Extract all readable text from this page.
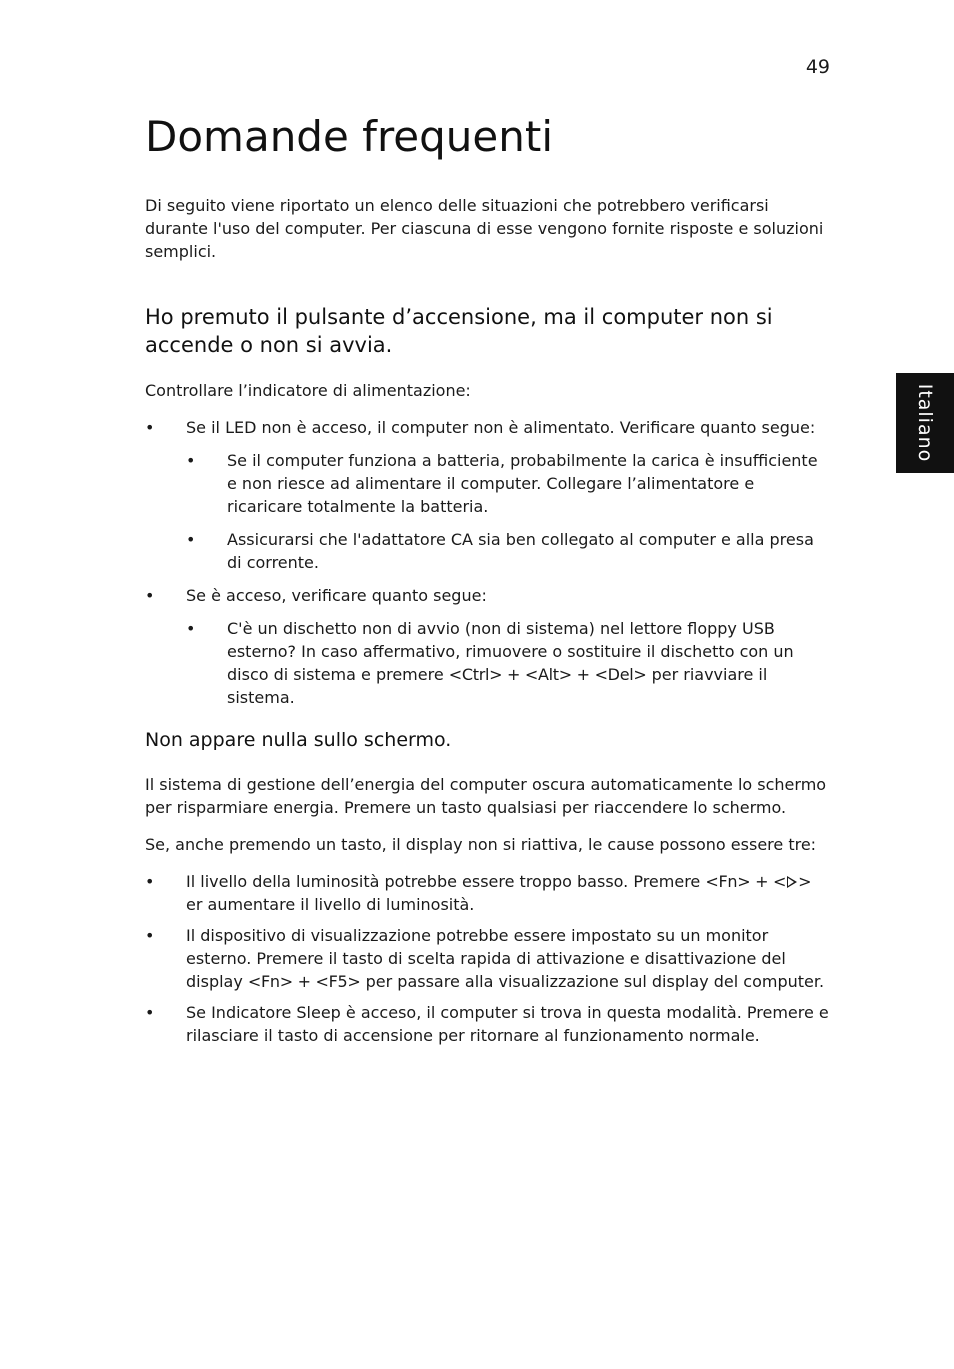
49
Italiano
Domande frequenti

Di seguito viene riportato un elenco delle situazioni che potrebbero verificarsi durante l'uso del computer. Per ciascuna di esse vengono fornite risposte e soluzioni semplici.

Ho premuto il pulsante d’accensione, ma il computer non si accende o non si avvia.

Controllare l’indicatore di alimentazione:

• Se il LED non è acceso, il computer non è alimentato. Verificare quanto segue:
• Se il computer funziona a batteria, probabilmente la carica è insufficiente e non riesce ad alimentare il computer. Collegare l’alimentatore e ricaricare totalmente la batteria.
• Assicurarsi che l'adattatore CA sia ben collegato al computer e alla presa di corrente.
• Se è acceso, verificare quanto segue:
• C'è un dischetto non di avvio (non di sistema) nel lettore floppy USB esterno? In caso affermativo, rimuovere o sostituire il dischetto con un disco di sistema e premere <Ctrl> + <Alt> + <Del> per riavviare il sistema.
Non appare nulla sullo schermo.

Il sistema di gestione dell’energia del computer oscura automaticamente lo schermo per risparmiare energia. Premere un tasto qualsiasi per riaccendere lo schermo.

Se, anche premendo un tasto, il display non si riattiva, le cause possono essere tre:

• Il livello della luminosità potrebbe essere troppo basso. Premere <Fn> + < > er aumentare il livello di luminosità.
• Il dispositivo di visualizzazione potrebbe essere impostato su un monitor esterno. Premere il tasto di scelta rapida di attivazione e disattivazione del display <Fn> + <F5> per passare alla visualizzazione sul display del computer.
• Se Indicatore Sleep è acceso, il computer si trova in questa modalità. Premere e rilasciare il tasto di accensione per ritornare al funzionamento normale.
